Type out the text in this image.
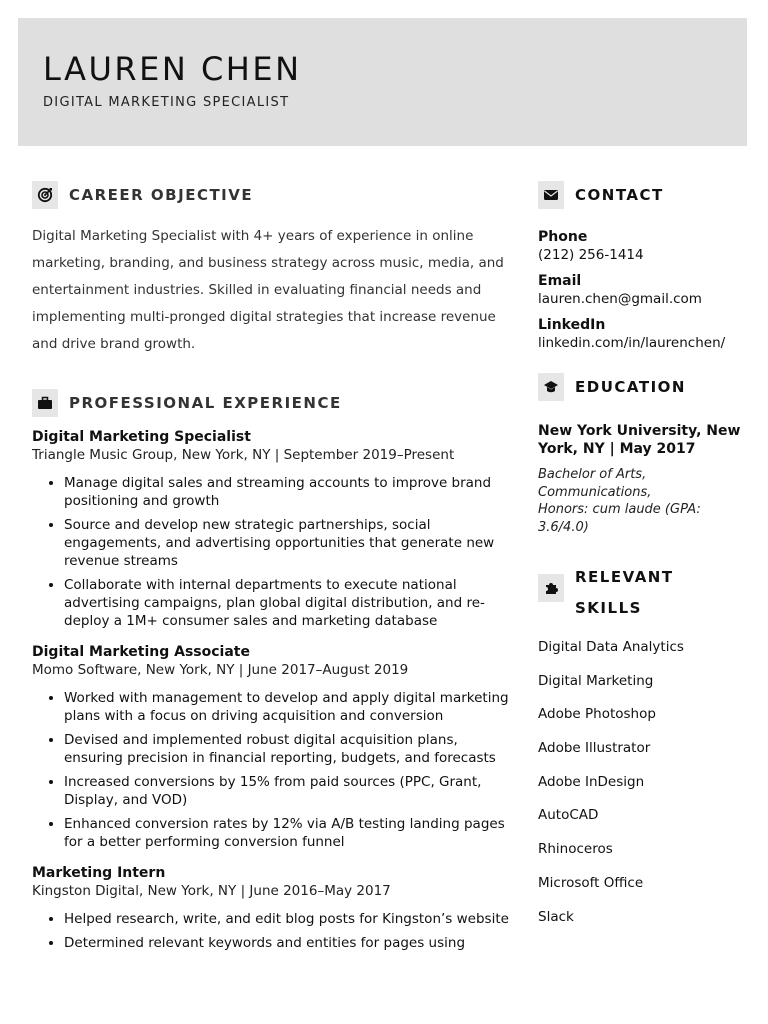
LAUREN CHEN

DIGITAL MARKETING SPECIALIST

CAREER OBJECTIVE

Digital Marketing Specialist with 4+ years of experience in online marketing, branding, and business strategy across music, media, and entertainment industries. Skilled in evaluating financial needs and implementing multi-pronged digital strategies that increase revenue and drive brand growth.

PROFESSIONAL EXPERIENCE

Digital Marketing Specialist

Triangle Music Group, New York, NY | September 2019–Present

• Manage digital sales and streaming accounts to improve brand positioning and growth
• Source and develop new strategic partnerships, social engagements, and advertising opportunities that generate new revenue streams
• Collaborate with internal departments to execute national advertising campaigns, plan global digital distribution, and re-deploy a 1M+ consumer sales and marketing database

Digital Marketing Associate

Momo Software, New York, NY | June 2017–August 2019

• Worked with management to develop and apply digital marketing plans with a focus on driving acquisition and conversion
• Devised and implemented robust digital acquisition plans, ensuring precision in financial reporting, budgets, and forecasts
• Increased conversions by 15% from paid sources (PPC, Grant, Display, and VOD)
• Enhanced conversion rates by 12% via A/B testing landing pages for a better performing conversion funnel

Marketing Intern

Kingston Digital, New York, NY | June 2016–May 2017

• Helped research, write, and edit blog posts for Kingston’s website
• Determined relevant keywords and entities for pages using
CONTACT

Phone

(212) 256-1414

Email

lauren.chen@gmail.com

LinkedIn

linkedin.com/in/laurenchen/

EDUCATION

New York University, New York, NY | May 2017

Bachelor of Arts, Communications,

Honors: cum laude (GPA: 3.6/4.0)

RELEVANT

SKILLS

Digital Data Analytics

Digital Marketing

Adobe Photoshop

Adobe Illustrator

Adobe InDesign

AutoCAD

Rhinoceros

Microsoft Office

Slack
